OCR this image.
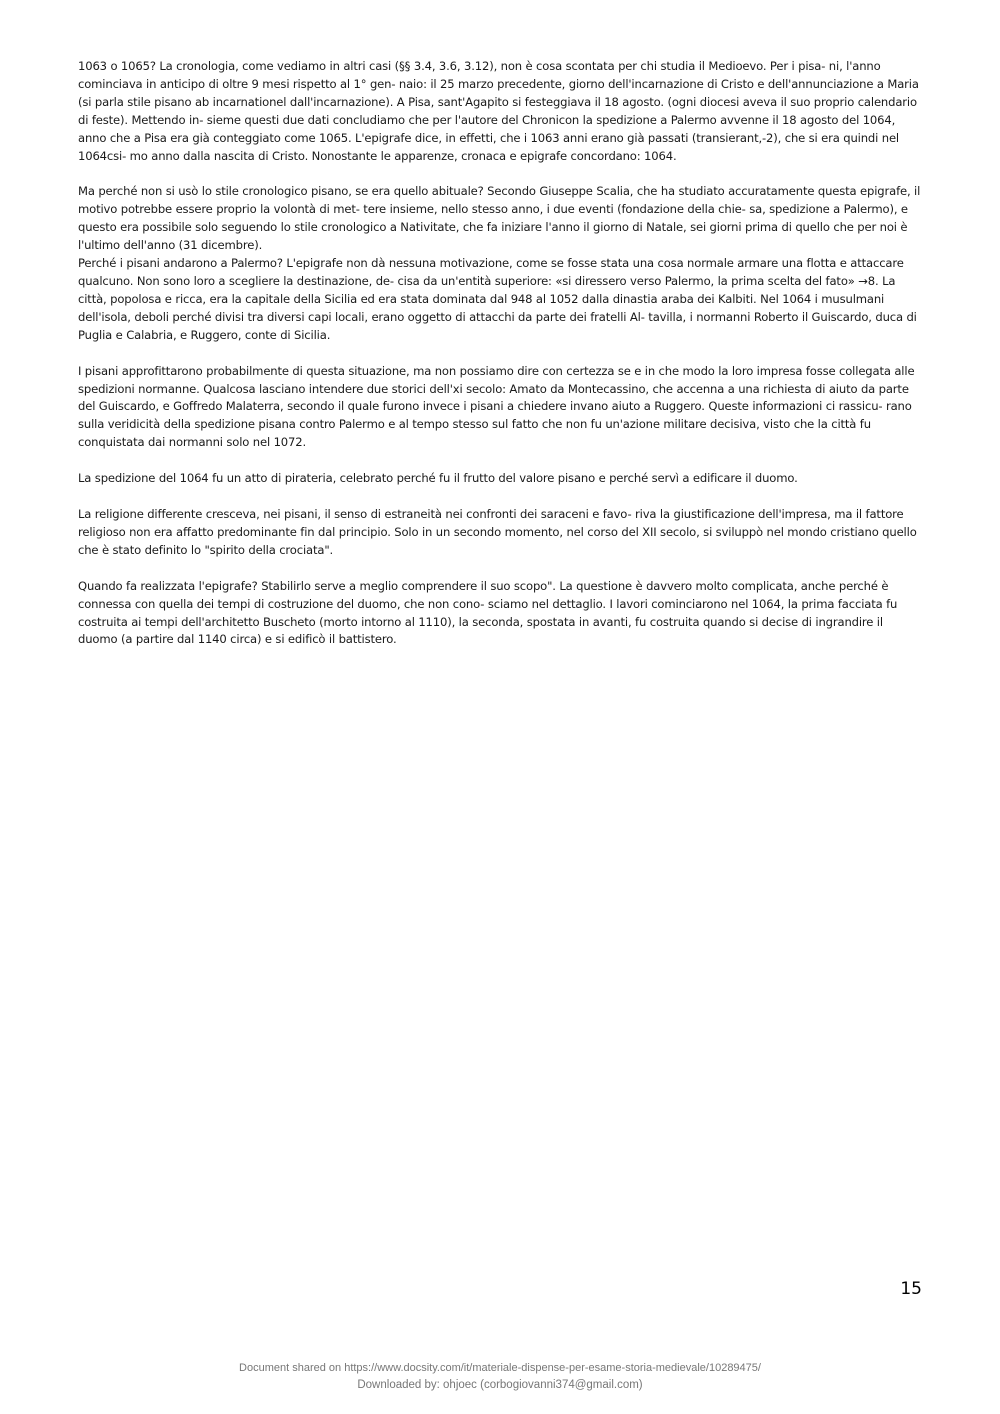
1063 o 1065? La cronologia, come vediamo in altri casi (§§ 3.4, 3.6, 3.12), non è cosa scontata per chi studia il Medioevo. Per i pisa- ni, l'anno cominciava in anticipo di oltre 9 mesi rispetto al 1° gen- naio: il 25 marzo precedente, giorno dell'incarnazione di Cristo e dell'annunciazione a Maria (si parla stile pisano ab incarnationel dall'incarnazione). A Pisa, sant'Agapito si festeggiava il 18 agosto. (ogni diocesi aveva il suo proprio calendario di feste). Mettendo in- sieme questi due dati concludiamo che per l'autore del Chronicon la spedizione a Palermo avvenne il 18 agosto del 1064, anno che a Pisa era già conteggiato come 1065. L'epigrafe dice, in effetti, che i 1063 anni erano già passati (transierant,-2), che si era quindi nel 1064csi- mo anno dalla nascita di Cristo. Nonostante le apparenze, cronaca e epigrafe concordano: 1064.

Ma perché non si usò lo stile cronologico pisano, se era quello abituale? Secondo Giuseppe Scalia, che ha studiato accuratamente questa epigrafe, il motivo potrebbe essere proprio la volontà di met- tere insieme, nello stesso anno, i due eventi (fondazione della chie- sa, spedizione a Palermo), e questo era possibile solo seguendo lo stile cronologico a Nativitate, che fa iniziare l'anno il giorno di Natale, sei giorni prima di quello che per noi è l'ultimo dell'anno (31 dicembre).

Perché i pisani andarono a Palermo? L'epigrafe non dà nessuna motivazione, come se fosse stata una cosa normale armare una flotta e attaccare qualcuno. Non sono loro a scegliere la destinazione, de- cisa da un'entità superiore: «si diressero verso Palermo, la prima scelta del fato» →8. La città, popolosa e ricca, era la capitale della Sicilia ed era stata dominata dal 948 al 1052 dalla dinastia araba dei Kalbiti. Nel 1064 i musulmani dell'isola, deboli perché divisi tra diversi capi locali, erano oggetto di attacchi da parte dei fratelli Al- tavilla, i normanni Roberto il Guiscardo, duca di Puglia e Calabria, e Ruggero, conte di Sicilia.

I pisani approfittarono probabilmente di questa situazione, ma non possiamo dire con certezza se e in che modo la loro impresa fosse collegata alle spedizioni normanne. Qualcosa lasciano intendere due storici dell'xi secolo: Amato da Montecassino, che accenna a una richiesta di aiuto da parte del Guiscardo, e Goffredo Malaterra, secondo il quale furono invece i pisani a chiedere invano aiuto a Ruggero. Queste informazioni ci rassicu- rano sulla veridicità della spedizione pisana contro Palermo e al tempo stesso sul fatto che non fu un'azione militare decisiva, visto che la città fu conquistata dai normanni solo nel 1072.

La spedizione del 1064 fu un atto di pirateria, celebrato perché fu il frutto del valore pisano e perché servì a edificare il duomo.

La religione differente cresceva, nei pisani, il senso di estraneità nei confronti dei saraceni e favo- riva la giustificazione dell'impresa, ma il fattore religioso non era affatto predominante fin dal principio. Solo in un secondo momento, nel corso del XII secolo, si sviluppò nel mondo cristiano quello che è stato definito lo "spirito della crociata".

Quando fa realizzata l'epigrafe? Stabilirlo serve a meglio comprendere il suo scopo". La questione è davvero molto complicata, anche perché è connessa con quella dei tempi di costruzione del duomo, che non cono- sciamo nel dettaglio. I lavori cominciarono nel 1064, la prima facciata fu costruita ai tempi dell'architetto Buscheto (morto intorno al 1110), la seconda, spostata in avanti, fu costruita quando si decise di ingrandire il duomo (a partire dal 1140 circa) e si edificò il battistero.

15
Document shared on https://www.docsity.com/it/materiale-dispense-per-esame-storia-medievale/10289475/
Downloaded by: ohjoec (corbogiovanni374@gmail.com)
